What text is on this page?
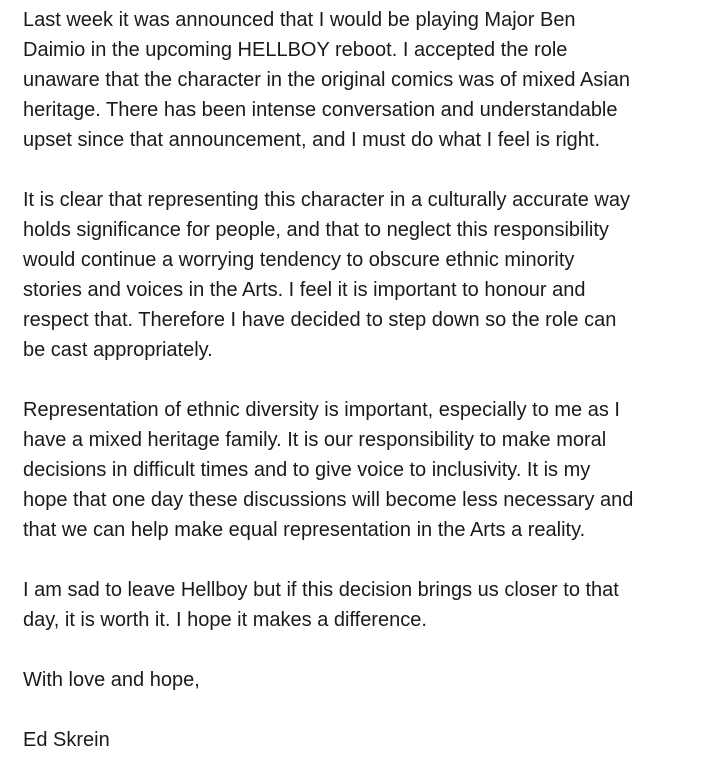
Last week it was announced that I would be playing Major Ben
Daimio in the upcoming HELLBOY reboot. I accepted the role
unaware that the character in the original comics was of mixed Asian
heritage. There has been intense conversation and understandable
upset since that announcement, and I must do what I feel is right.
It is clear that representing this character in a culturally accurate way
holds significance for people, and that to neglect this responsibility
would continue a worrying tendency to obscure ethnic minority
stories and voices in the Arts. I feel it is important to honour and
respect that. Therefore I have decided to step down so the role can
be cast appropriately.
Representation of ethnic diversity is important, especially to me as I
have a mixed heritage family. It is our responsibility to make moral
decisions in difficult times and to give voice to inclusivity. It is my
hope that one day these discussions will become less necessary and
that we can help make equal representation in the Arts a reality.
I am sad to leave Hellboy but if this decision brings us closer to that
day, it is worth it. I hope it makes a difference.
With love and hope,
Ed Skrein
